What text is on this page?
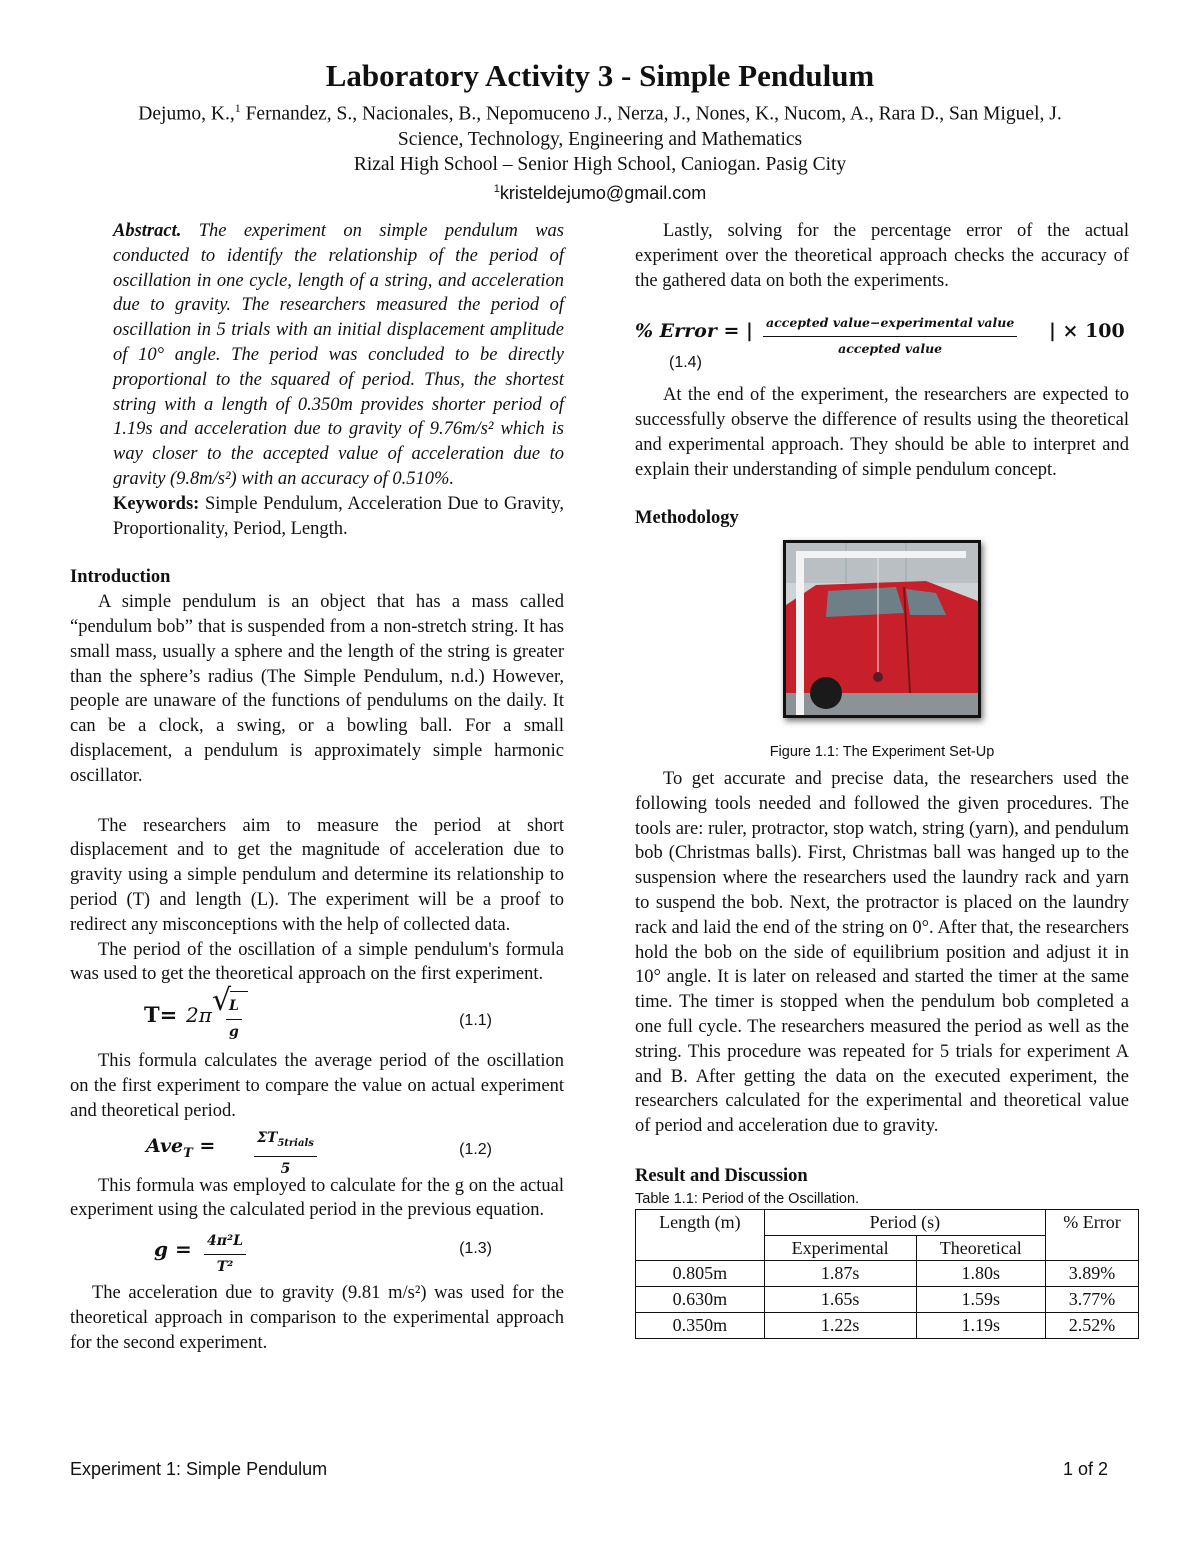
Laboratory Activity 3 - Simple Pendulum
Dejumo, K.,$^1$ Fernandez, S., Nacionales, B., Nepomuceno J., Nerza, J., Nones, K., Nucom, A., Rara D., San Miguel, J.
Science, Technology, Engineering and Mathematics
Rizal High School – Senior High School, Caniogan. Pasig City
$^1$kristeldejumo@gmail.com

Abstract. The experiment on simple pendulum was conducted to identify the relationship of the period of oscillation in one cycle, length of a string, and acceleration due to gravity. The researchers measured the period of oscillation in 5 trials with an initial displacement amplitude of 10° angle. The period was concluded to be directly proportional to the squared of period. Thus, the shortest string with a length of 0.350m provides shorter period of 1.19s and acceleration due to gravity of 9.76m/s² which is way closer to the accepted value of acceleration due to gravity (9.8m/s²) with an accuracy of 0.510%.

Keywords: Simple Pendulum, Acceleration Due to Gravity, Proportionality, Period, Length.

Introduction

A simple pendulum is an object that has a mass called “pendulum bob” that is suspended from a non-stretch string. It has small mass, usually a sphere and the length of the string is greater than the sphere’s radius (The Simple Pendulum, n.d.) However, people are unaware of the functions of pendulums on the daily. It can be a clock, a swing, or a bowling ball. For a small displacement, a pendulum is approximately simple harmonic oscillator.

The researchers aim to measure the period at short displacement and to get the magnitude of acceleration due to gravity using a simple pendulum and determine its relationship to period (T) and length (L). The experiment will be a proof to redirect any misconceptions with the help of collected data.

The period of the oscillation of a simple pendulum's formula was used to get the theoretical approach on the first experiment.

T= 2π √
$\frac{L}{g}$	(1.1)

This formula calculates the average period of the oscillation on the first experiment to compare the value on actual experiment and theoretical period.

Ave$_T$ =	$\Sigma T_{5trials}$
5
(1.2)

This formula was employed to calculate for the g on the actual experiment using the calculated period in the previous equation.

$g = \frac{\text{4π²L}}{\text{T²}}$	(1.3)

The acceleration due to gravity (9.81 m/s²) was used for the theoretical approach in comparison to the experimental approach for the second experiment.

Lastly, solving for the percentage error of the actual experiment over the theoretical approach checks the accuracy of the gathered data on both the experiments.

% Error = | accepted value−experimental value
accepted value
| × 100
(1.4)

At the end of the experiment, the researchers are expected to successfully observe the difference of results using the theoretical and experimental approach. They should be able to interpret and explain their understanding of simple pendulum concept.

Methodology
Figure 1.1: The Experiment Set-Up

To get accurate and precise data, the researchers used the following tools needed and followed the given procedures. The tools are: ruler, protractor, stop watch, string (yarn), and pendulum bob (Christmas balls). First, Christmas ball was hanged up to the suspension where the researchers used the laundry rack and yarn to suspend the bob. Next, the protractor is placed on the laundry rack and laid the end of the string on 0°. After that, the researchers hold the bob on the side of equilibrium position and adjust it in 10° angle. It is later on released and started the timer at the same time. The timer is stopped when the pendulum bob completed a one full cycle. The researchers measured the period as well as the string. This procedure was repeated for 5 trials for experiment A and B. After getting the data on the executed experiment, the researchers calculated for the experimental and theoretical value of period and acceleration due to gravity.

Result and Discussion
Table 1.1: Period of the Oscillation.
Length (m)	Period (s)		% Error
	Experimental	Theoretical	
0.805m	1.87s	1.80s	3.89%
0.630m	1.65s	1.59s	3.77%
0.350m	1.22s	1.19s	2.52%
Experiment 1: Simple Pendulum	1 of 2
